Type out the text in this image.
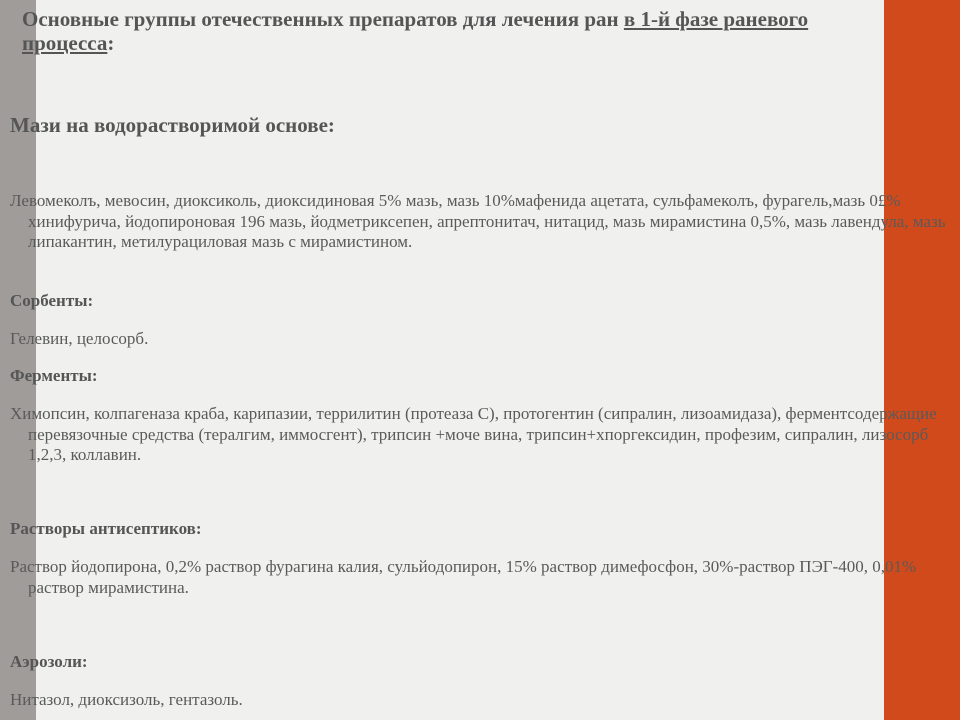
Основные группы отечественных препаратов для лечения ран в 1-й фазе раневого процесса:
Мази на водорастворимой основе:
Левомеколъ, мевосин, диоксиколь, диоксидиновая 5% мазь, мазь 10%мафенида ацетата, сульфамеколъ, фурагель,мазь 0£% хинифурича, йодопироновая 196 мазь, йодметриксепен, апрептонитач, нитацид, мазь мирамистина 0,5%, мазь лавендула, мазь липакантин, метилурациловая мазь с мирамистином.
Сорбенты:
Гелевин, целосорб.
Ферменты:
Химопсин, колпагеназа краба, карипазии, террилитин (протеаза С), протогентин (сипралин, лизоамидаза), ферментсодержащие перевязочные средства (тералгим, иммосгент), трипсин +моче вина, трипсин+хпоргексидин, профезим, сипралин, лизосорб 1,2,3, коллавин.
Растворы антисептиков:
Раствор йодопирона, 0,2% раствор фурагина калия, сульйодопирон, 15% раствор димефосфон, 30%-раствор ПЭГ-400, 0,01% раствор мирамистина.
Аэрозоли:
Нитазол, диоксизоль, гентазоль.
